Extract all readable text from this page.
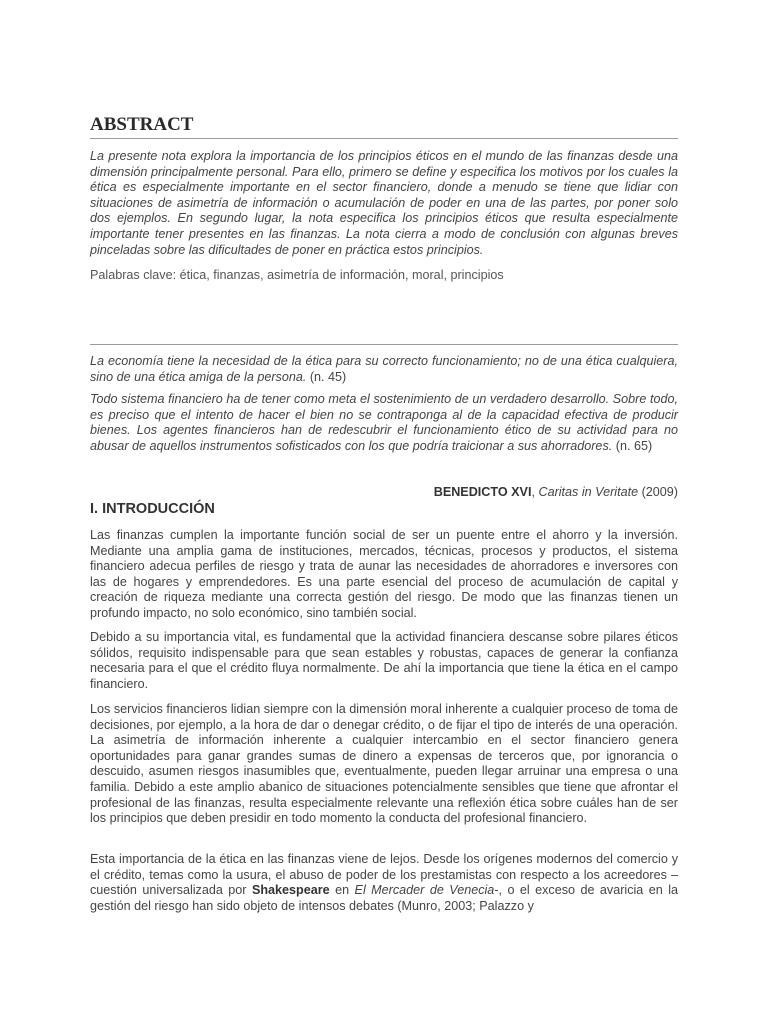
ABSTRACT

La presente nota explora la importancia de los principios éticos en el mundo de las finanzas desde una dimensión principalmente personal. Para ello, primero se define y especifica los motivos por los cuales la ética es especialmente importante en el sector financiero, donde a menudo se tiene que lidiar con situaciones de asimetría de información o acumulación de poder en una de las partes, por poner solo dos ejemplos. En segundo lugar, la nota especifica los principios éticos que resulta especialmente importante tener presentes en las finanzas. La nota cierra a modo de conclusión con algunas breves pinceladas sobre las dificultades de poner en práctica estos principios.

Palabras clave: ética, finanzas, asimetría de información, moral, principios

La economía tiene la necesidad de la ética para su correcto funcionamiento; no de una ética cualquiera, sino de una ética amiga de la persona. (n. 45)

Todo sistema financiero ha de tener como meta el sostenimiento de un verdadero desarrollo. Sobre todo, es preciso que el intento de hacer el bien no se contraponga al de la capacidad efectiva de producir bienes. Los agentes financieros han de redescubrir el funcionamiento ético de su actividad para no abusar de aquellos instrumentos sofisticados con los que podría traicionar a sus ahorradores. (n. 65)

BENEDICTO XVI, Caritas in Veritate (2009)

I. INTRODUCCIÓN

Las finanzas cumplen la importante función social de ser un puente entre el ahorro y la inversión. Mediante una amplia gama de instituciones, mercados, técnicas, procesos y productos, el sistema financiero adecua perfiles de riesgo y trata de aunar las necesidades de ahorradores e inversores con las de hogares y emprendedores. Es una parte esencial del proceso de acumulación de capital y creación de riqueza mediante una correcta gestión del riesgo. De modo que las finanzas tienen un profundo impacto, no solo económico, sino también social.

Debido a su importancia vital, es fundamental que la actividad financiera descanse sobre pilares éticos sólidos, requisito indispensable para que sean estables y robustas, capaces de generar la confianza necesaria para el que el crédito fluya normalmente. De ahí la importancia que tiene la ética en el campo financiero.

Los servicios financieros lidian siempre con la dimensión moral inherente a cualquier proceso de toma de decisiones, por ejemplo, a la hora de dar o denegar crédito, o de fijar el tipo de interés de una operación. La asimetría de información inherente a cualquier intercambio en el sector financiero genera oportunidades para ganar grandes sumas de dinero a expensas de terceros que, por ignorancia o descuido, asumen riesgos inasumibles que, eventualmente, pueden llegar arruinar una empresa o una familia. Debido a este amplio abanico de situaciones potencialmente sensibles que tiene que afrontar el profesional de las finanzas, resulta especialmente relevante una reflexión ética sobre cuáles han de ser los principios que deben presidir en todo momento la conducta del profesional financiero.

Esta importancia de la ética en las finanzas viene de lejos. Desde los orígenes modernos del comercio y el crédito, temas como la usura, el abuso de poder de los prestamistas con respecto a los acreedores –cuestión universalizada por Shakespeare en El Mercader de Venecia-, o el exceso de avaricia en la gestión del riesgo han sido objeto de intensos debates (Munro, 2003; Palazzo y
